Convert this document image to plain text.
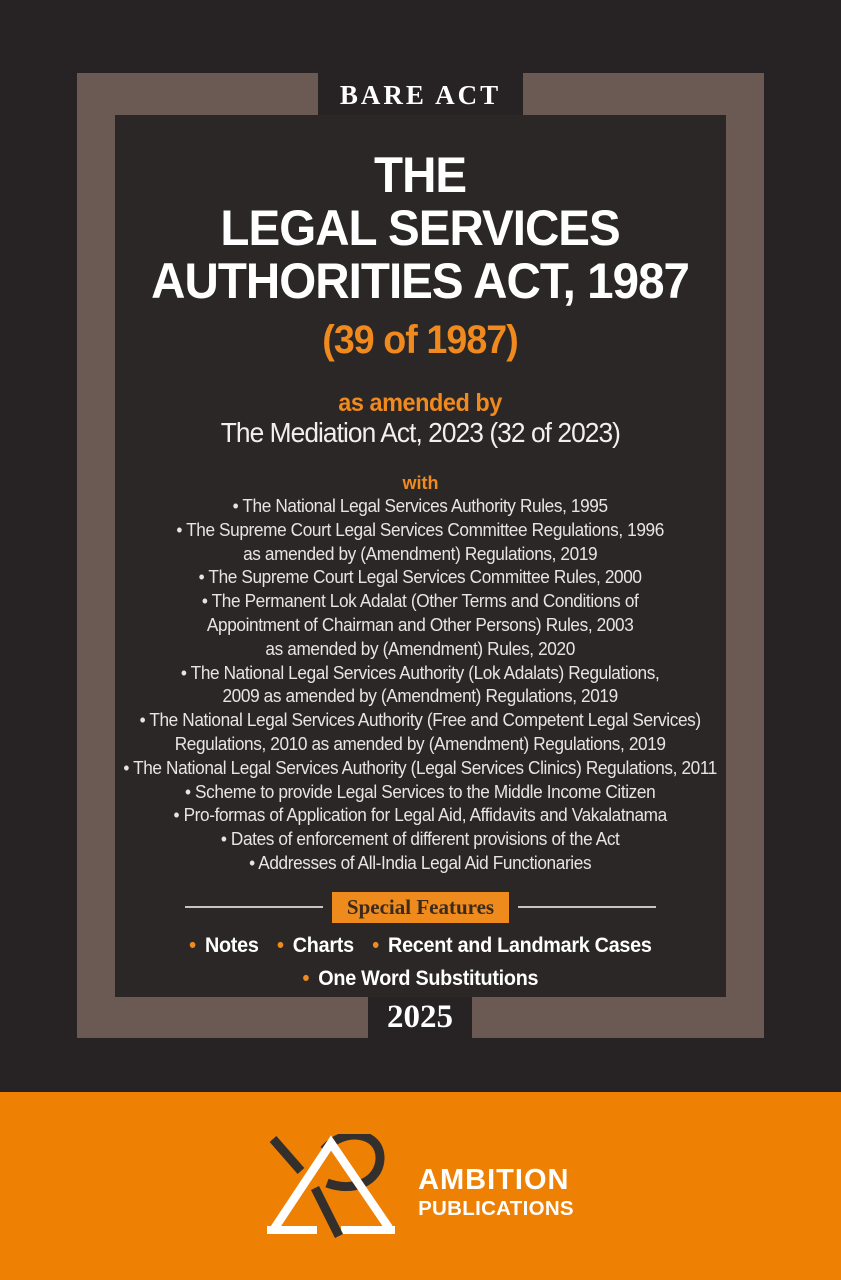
BARE ACT
THE
LEGAL SERVICES
AUTHORITIES ACT, 1987
(39 of 1987)
as amended by
The Mediation Act, 2023 (32 of 2023)
with
• The National Legal Services Authority Rules, 1995
• The Supreme Court Legal Services Committee Regulations, 1996
as amended by (Amendment) Regulations, 2019
• The Supreme Court Legal Services Committee Rules, 2000
• The Permanent Lok Adalat (Other Terms and Conditions of
Appointment of Chairman and Other Persons) Rules, 2003
as amended by (Amendment) Rules, 2020
• The National Legal Services Authority (Lok Adalats) Regulations,
2009 as amended by (Amendment) Regulations, 2019
• The National Legal Services Authority (Free and Competent Legal Services)
Regulations, 2010 as amended by (Amendment) Regulations, 2019
• The National Legal Services Authority (Legal Services Clinics) Regulations, 2011
• Scheme to provide Legal Services to the Middle Income Citizen
• Pro-formas of Application for Legal Aid, Affidavits and Vakalatnama
• Dates of enforcement of different provisions of the Act
• Addresses of All-India Legal Aid Functionaries
Special Features
• Notes • Charts • Recent and Landmark Cases
• One Word Substitutions
2025
AMBITION
PUBLICATIONS
